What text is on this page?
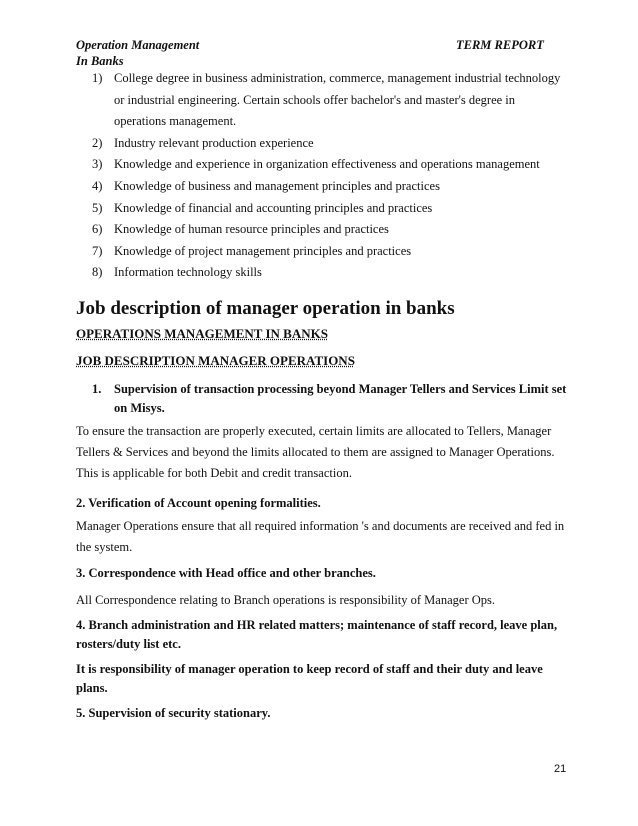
Operation Management
In Banks
TERM REPORT
1) College degree in business administration, commerce, management industrial technology or industrial engineering. Certain schools offer bachelor's and master's degree in operations management.
2) Industry relevant production experience
3) Knowledge and experience in organization effectiveness and operations management
4) Knowledge of business and management principles and practices
5) Knowledge of financial and accounting principles and practices
6) Knowledge of human resource principles and practices
7) Knowledge of project management principles and practices
8) Information technology skills
Job description of manager operation in banks
OPERATIONS MANAGEMENT IN BANKS
JOB DESCRIPTION MANAGER OPERATIONS
1. Supervision of transaction processing beyond Manager Tellers and Services Limit set on Misys.
To ensure the transaction are properly executed, certain limits are allocated to Tellers, Manager Tellers & Services and beyond the limits allocated to them are assigned to Manager Operations.
This is applicable for both Debit and credit transaction.
2. Verification of Account opening formalities.
Manager Operations ensure that all required information 's and documents are received and fed in the system.
3. Correspondence with Head office and other branches.
All Correspondence relating to Branch operations is responsibility of Manager Ops.
4. Branch administration and HR related matters; maintenance of staff record, leave plan, rosters/duty list etc.
It is responsibility of manager operation to keep record of staff and their duty and leave plans.
5. Supervision of security stationary.
21
